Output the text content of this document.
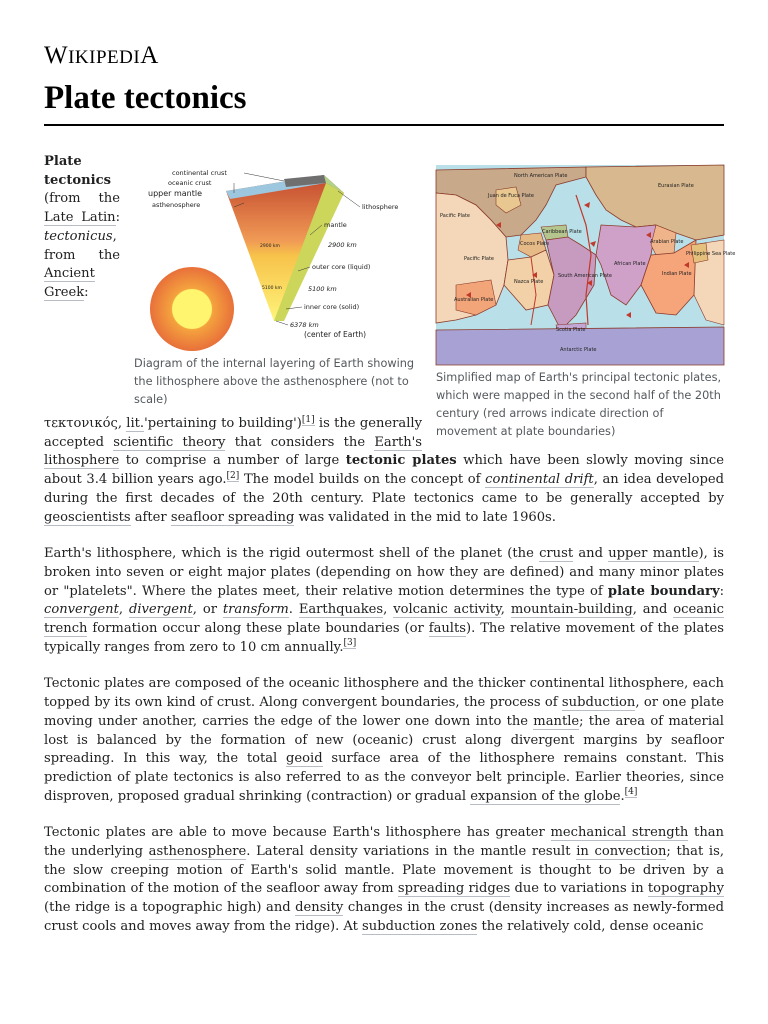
WIKIPEDIA
Plate tectonics
North American Plate
Eurasian Plate
Pacific Plate
Pacific Plate
Juan de Fuca Plate
Cocos Plate
Caribbean Plate
Nazca Plate
South American Plate
African Plate
Arabian Plate
Indian Plate
Philippine Sea Plate
Australian Plate
Scotia Plate
Antarctic Plate
Simplified map of Earth's principal tectonic plates, which were mapped in the second half of the 20th century (red arrows indicate direction of movement at plate boundaries)
continental crust
oceanic crust
upper mantle
asthenosphere	lithosphere
mantle
2900 km
outer core (liquid)
5100 km
inner core (solid)
6378 km
(center of Earth)
2900 km
5100 km
Diagram of the internal layering of Earth showing the lithosphere above the asthenosphere (not to scale)

Plate tectonics (from the Late Latin: tectonicus, from the Ancient Greek: τεκτονικός, lit.'pertaining to building')[1] is the generally accepted scientific theory that considers the Earth's lithosphere to comprise a number of large tectonic plates which have been slowly moving since about 3.4 billion years ago.[2] The model builds on the concept of continental drift, an idea developed during the first decades of the 20th century. Plate tectonics came to be generally accepted by geoscientists after seafloor spreading was validated in the mid to late 1960s.

Earth's lithosphere, which is the rigid outermost shell of the planet (the crust and upper mantle), is broken into seven or eight major plates (depending on how they are defined) and many minor plates or "platelets". Where the plates meet, their relative motion determines the type of plate boundary: convergent, divergent, or transform. Earthquakes, volcanic activity, mountain-building, and oceanic trench formation occur along these plate boundaries (or faults). The relative movement of the plates typically ranges from zero to 10 cm annually.[3]

Tectonic plates are composed of the oceanic lithosphere and the thicker continental lithosphere, each topped by its own kind of crust. Along convergent boundaries, the process of subduction, or one plate moving under another, carries the edge of the lower one down into the mantle; the area of material lost is balanced by the formation of new (oceanic) crust along divergent margins by seafloor spreading. In this way, the total geoid surface area of the lithosphere remains constant. This prediction of plate tectonics is also referred to as the conveyor belt principle. Earlier theories, since disproven, proposed gradual shrinking (contraction) or gradual expansion of the globe.[4]

Tectonic plates are able to move because Earth's lithosphere has greater mechanical strength than the underlying asthenosphere. Lateral density variations in the mantle result in convection; that is, the slow creeping motion of Earth's solid mantle. Plate movement is thought to be driven by a combination of the motion of the seafloor away from spreading ridges due to variations in topography (the ridge is a topographic high) and density changes in the crust (density increases as newly-formed crust cools and moves away from the ridge). At subduction zones the relatively cold, dense oceanic
